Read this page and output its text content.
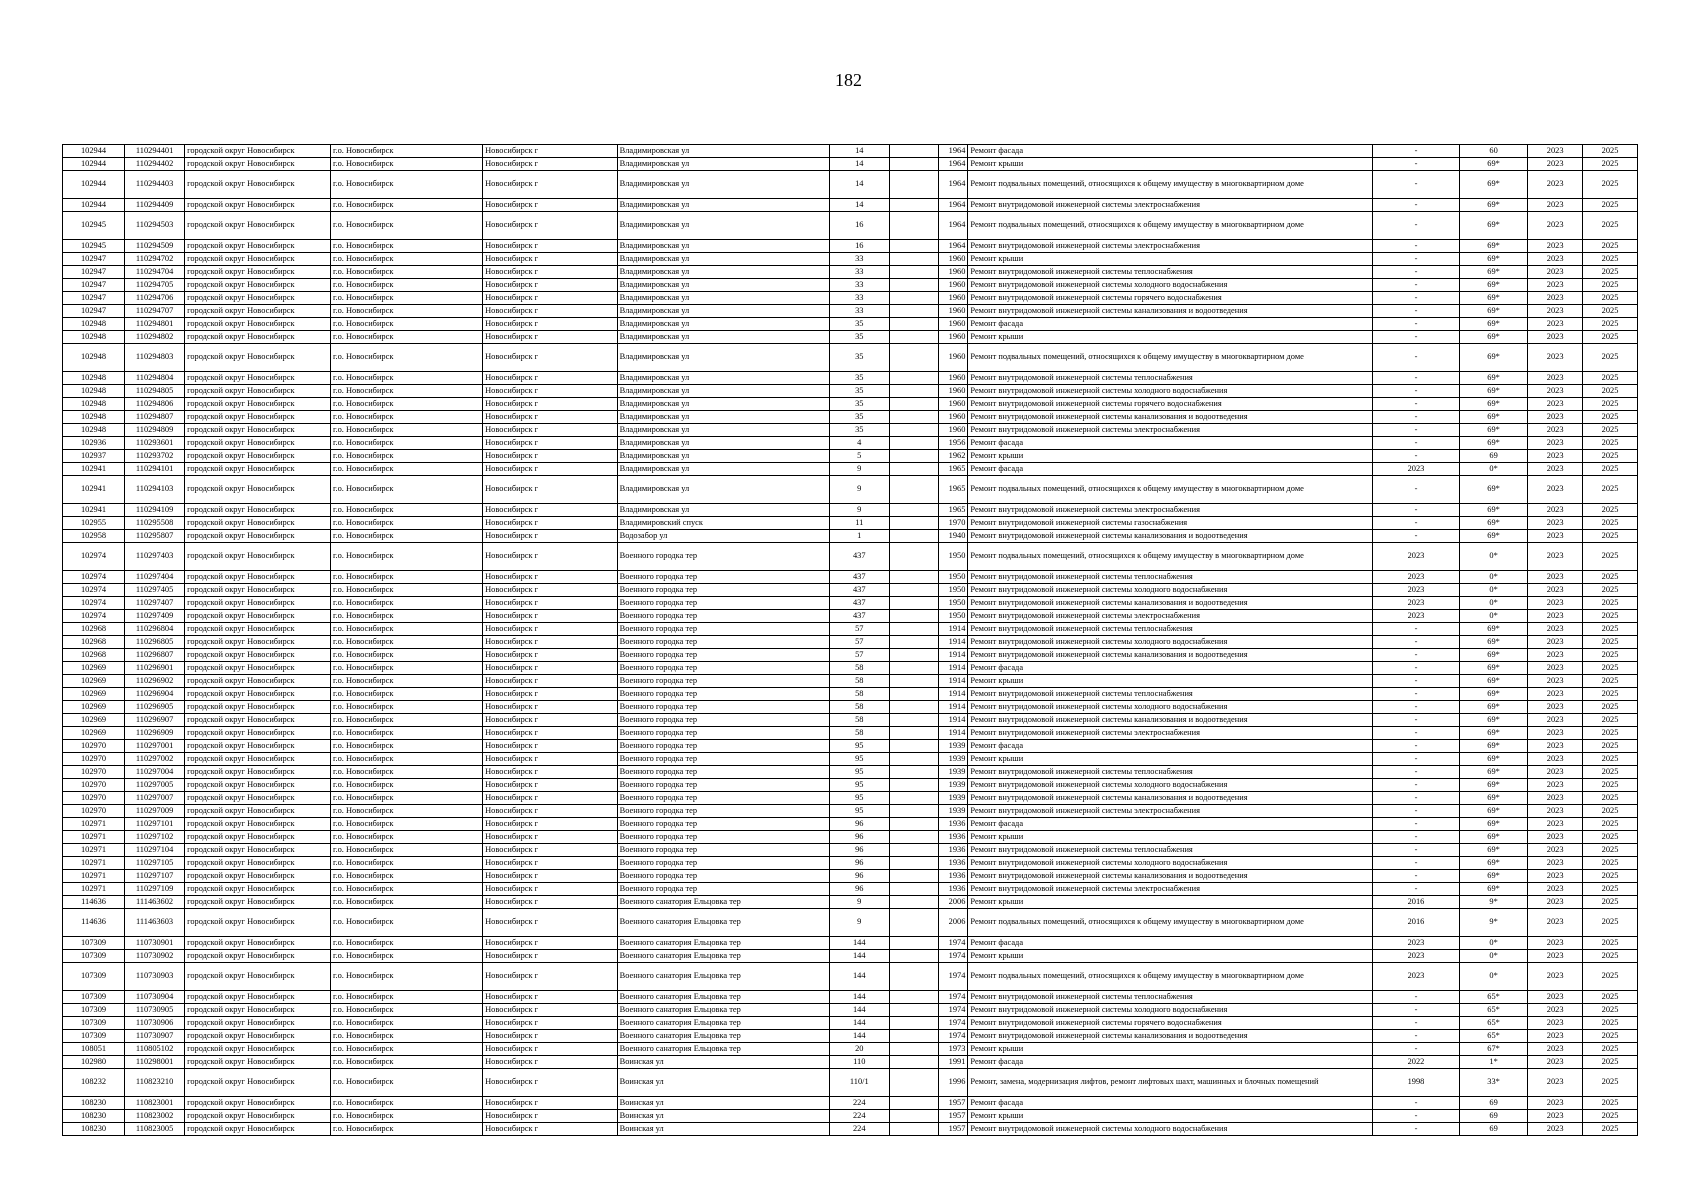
182
102944	110294401	городской округ Новосибирск	г.о. Новосибирск	Новосибирск г	Владимировская ул	14		1964	Ремонт фасада	-	60	2023	2025
102944	110294402	городской округ Новосибирск	г.о. Новосибирск	Новосибирск г	Владимировская ул	14		1964	Ремонт крыши	-	69*	2023	2025
102944	110294403	городской округ Новосибирск	г.о. Новосибирск	Новосибирск г	Владимировская ул	14		1964	Ремонт подвальных помещений, относящихся к общему имуществу в многоквартирном доме	-	69*	2023	2025
102944	110294409	городской округ Новосибирск	г.о. Новосибирск	Новосибирск г	Владимировская ул	14		1964	Ремонт внутридомовой инженерной системы электроснабжения	-	69*	2023	2025
102945	110294503	городской округ Новосибирск	г.о. Новосибирск	Новосибирск г	Владимировская ул	16		1964	Ремонт подвальных помещений, относящихся к общему имуществу в многоквартирном доме	-	69*	2023	2025
102945	110294509	городской округ Новосибирск	г.о. Новосибирск	Новосибирск г	Владимировская ул	16		1964	Ремонт внутридомовой инженерной системы электроснабжения	-	69*	2023	2025
102947	110294702	городской округ Новосибирск	г.о. Новосибирск	Новосибирск г	Владимировская ул	33		1960	Ремонт крыши	-	69*	2023	2025
102947	110294704	городской округ Новосибирск	г.о. Новосибирск	Новосибирск г	Владимировская ул	33		1960	Ремонт внутридомовой инженерной системы теплоснабжения	-	69*	2023	2025
102947	110294705	городской округ Новосибирск	г.о. Новосибирск	Новосибирск г	Владимировская ул	33		1960	Ремонт внутридомовой инженерной системы холодного водоснабжения	-	69*	2023	2025
102947	110294706	городской округ Новосибирск	г.о. Новосибирск	Новосибирск г	Владимировская ул	33		1960	Ремонт внутридомовой инженерной системы горячего водоснабжения	-	69*	2023	2025
102947	110294707	городской округ Новосибирск	г.о. Новосибирск	Новосибирск г	Владимировская ул	33		1960	Ремонт внутридомовой инженерной системы канализования и водоотведения	-	69*	2023	2025
102948	110294801	городской округ Новосибирск	г.о. Новосибирск	Новосибирск г	Владимировская ул	35		1960	Ремонт фасада	-	69*	2023	2025
102948	110294802	городской округ Новосибирск	г.о. Новосибирск	Новосибирск г	Владимировская ул	35		1960	Ремонт крыши	-	69*	2023	2025
102948	110294803	городской округ Новосибирск	г.о. Новосибирск	Новосибирск г	Владимировская ул	35		1960	Ремонт подвальных помещений, относящихся к общему имуществу в многоквартирном доме	-	69*	2023	2025
102948	110294804	городской округ Новосибирск	г.о. Новосибирск	Новосибирск г	Владимировская ул	35		1960	Ремонт внутридомовой инженерной системы теплоснабжения	-	69*	2023	2025
102948	110294805	городской округ Новосибирск	г.о. Новосибирск	Новосибирск г	Владимировская ул	35		1960	Ремонт внутридомовой инженерной системы холодного водоснабжения	-	69*	2023	2025
102948	110294806	городской округ Новосибирск	г.о. Новосибирск	Новосибирск г	Владимировская ул	35		1960	Ремонт внутридомовой инженерной системы горячего водоснабжения	-	69*	2023	2025
102948	110294807	городской округ Новосибирск	г.о. Новосибирск	Новосибирск г	Владимировская ул	35		1960	Ремонт внутридомовой инженерной системы канализования и водоотведения	-	69*	2023	2025
102948	110294809	городской округ Новосибирск	г.о. Новосибирск	Новосибирск г	Владимировская ул	35		1960	Ремонт внутридомовой инженерной системы электроснабжения	-	69*	2023	2025
102936	110293601	городской округ Новосибирск	г.о. Новосибирск	Новосибирск г	Владимировская ул	4		1956	Ремонт фасада	-	69*	2023	2025
102937	110293702	городской округ Новосибирск	г.о. Новосибирск	Новосибирск г	Владимировская ул	5		1962	Ремонт крыши	-	69	2023	2025
102941	110294101	городской округ Новосибирск	г.о. Новосибирск	Новосибирск г	Владимировская ул	9		1965	Ремонт фасада	2023	0*	2023	2025
102941	110294103	городской округ Новосибирск	г.о. Новосибирск	Новосибирск г	Владимировская ул	9		1965	Ремонт подвальных помещений, относящихся к общему имуществу в многоквартирном доме	-	69*	2023	2025
102941	110294109	городской округ Новосибирск	г.о. Новосибирск	Новосибирск г	Владимировская ул	9		1965	Ремонт внутридомовой инженерной системы электроснабжения	-	69*	2023	2025
102955	110295508	городской округ Новосибирск	г.о. Новосибирск	Новосибирск г	Владимировский спуск	11		1970	Ремонт внутридомовой инженерной системы газоснабжения	-	69*	2023	2025
102958	110295807	городской округ Новосибирск	г.о. Новосибирск	Новосибирск г	Водозабор ул	1		1940	Ремонт внутридомовой инженерной системы канализования и водоотведения	-	69*	2023	2025
102974	110297403	городской округ Новосибирск	г.о. Новосибирск	Новосибирск г	Военного городка тер	437		1950	Ремонт подвальных помещений, относящихся к общему имуществу в многоквартирном доме	2023	0*	2023	2025
102974	110297404	городской округ Новосибирск	г.о. Новосибирск	Новосибирск г	Военного городка тер	437		1950	Ремонт внутридомовой инженерной системы теплоснабжения	2023	0*	2023	2025
102974	110297405	городской округ Новосибирск	г.о. Новосибирск	Новосибирск г	Военного городка тер	437		1950	Ремонт внутридомовой инженерной системы холодного водоснабжения	2023	0*	2023	2025
102974	110297407	городской округ Новосибирск	г.о. Новосибирск	Новосибирск г	Военного городка тер	437		1950	Ремонт внутридомовой инженерной системы канализования и водоотведения	2023	0*	2023	2025
102974	110297409	городской округ Новосибирск	г.о. Новосибирск	Новосибирск г	Военного городка тер	437		1950	Ремонт внутридомовой инженерной системы электроснабжения	2023	0*	2023	2025
102968	110296804	городской округ Новосибирск	г.о. Новосибирск	Новосибирск г	Военного городка тер	57		1914	Ремонт внутридомовой инженерной системы теплоснабжения	-	69*	2023	2025
102968	110296805	городской округ Новосибирск	г.о. Новосибирск	Новосибирск г	Военного городка тер	57		1914	Ремонт внутридомовой инженерной системы холодного водоснабжения	-	69*	2023	2025
102968	110296807	городской округ Новосибирск	г.о. Новосибирск	Новосибирск г	Военного городка тер	57		1914	Ремонт внутридомовой инженерной системы канализования и водоотведения	-	69*	2023	2025
102969	110296901	городской округ Новосибирск	г.о. Новосибирск	Новосибирск г	Военного городка тер	58		1914	Ремонт фасада	-	69*	2023	2025
102969	110296902	городской округ Новосибирск	г.о. Новосибирск	Новосибирск г	Военного городка тер	58		1914	Ремонт крыши	-	69*	2023	2025
102969	110296904	городской округ Новосибирск	г.о. Новосибирск	Новосибирск г	Военного городка тер	58		1914	Ремонт внутридомовой инженерной системы теплоснабжения	-	69*	2023	2025
102969	110296905	городской округ Новосибирск	г.о. Новосибирск	Новосибирск г	Военного городка тер	58		1914	Ремонт внутридомовой инженерной системы холодного водоснабжения	-	69*	2023	2025
102969	110296907	городской округ Новосибирск	г.о. Новосибирск	Новосибирск г	Военного городка тер	58		1914	Ремонт внутридомовой инженерной системы канализования и водоотведения	-	69*	2023	2025
102969	110296909	городской округ Новосибирск	г.о. Новосибирск	Новосибирск г	Военного городка тер	58		1914	Ремонт внутридомовой инженерной системы электроснабжения	-	69*	2023	2025
102970	110297001	городской округ Новосибирск	г.о. Новосибирск	Новосибирск г	Военного городка тер	95		1939	Ремонт фасада	-	69*	2023	2025
102970	110297002	городской округ Новосибирск	г.о. Новосибирск	Новосибирск г	Военного городка тер	95		1939	Ремонт крыши	-	69*	2023	2025
102970	110297004	городской округ Новосибирск	г.о. Новосибирск	Новосибирск г	Военного городка тер	95		1939	Ремонт внутридомовой инженерной системы теплоснабжения	-	69*	2023	2025
102970	110297005	городской округ Новосибирск	г.о. Новосибирск	Новосибирск г	Военного городка тер	95		1939	Ремонт внутридомовой инженерной системы холодного водоснабжения	-	69*	2023	2025
102970	110297007	городской округ Новосибирск	г.о. Новосибирск	Новосибирск г	Военного городка тер	95		1939	Ремонт внутридомовой инженерной системы канализования и водоотведения	-	69*	2023	2025
102970	110297009	городской округ Новосибирск	г.о. Новосибирск	Новосибирск г	Военного городка тер	95		1939	Ремонт внутридомовой инженерной системы электроснабжения	-	69*	2023	2025
102971	110297101	городской округ Новосибирск	г.о. Новосибирск	Новосибирск г	Военного городка тер	96		1936	Ремонт фасада	-	69*	2023	2025
102971	110297102	городской округ Новосибирск	г.о. Новосибирск	Новосибирск г	Военного городка тер	96		1936	Ремонт крыши	-	69*	2023	2025
102971	110297104	городской округ Новосибирск	г.о. Новосибирск	Новосибирск г	Военного городка тер	96		1936	Ремонт внутридомовой инженерной системы теплоснабжения	-	69*	2023	2025
102971	110297105	городской округ Новосибирск	г.о. Новосибирск	Новосибирск г	Военного городка тер	96		1936	Ремонт внутридомовой инженерной системы холодного водоснабжения	-	69*	2023	2025
102971	110297107	городской округ Новосибирск	г.о. Новосибирск	Новосибирск г	Военного городка тер	96		1936	Ремонт внутридомовой инженерной системы канализования и водоотведения	-	69*	2023	2025
102971	110297109	городской округ Новосибирск	г.о. Новосибирск	Новосибирск г	Военного городка тер	96		1936	Ремонт внутридомовой инженерной системы электроснабжения	-	69*	2023	2025
114636	111463602	городской округ Новосибирск	г.о. Новосибирск	Новосибирск г	Военного санатория Ельцовка тер	9		2006	Ремонт крыши	2016	9*	2023	2025
114636	111463603	городской округ Новосибирск	г.о. Новосибирск	Новосибирск г	Военного санатория Ельцовка тер	9		2006	Ремонт подвальных помещений, относящихся к общему имуществу в многоквартирном доме	2016	9*	2023	2025
107309	110730901	городской округ Новосибирск	г.о. Новосибирск	Новосибирск г	Военного санатория Ельцовка тер	144		1974	Ремонт фасада	2023	0*	2023	2025
107309	110730902	городской округ Новосибирск	г.о. Новосибирск	Новосибирск г	Военного санатория Ельцовка тер	144		1974	Ремонт крыши	2023	0*	2023	2025
107309	110730903	городской округ Новосибирск	г.о. Новосибирск	Новосибирск г	Военного санатория Ельцовка тер	144		1974	Ремонт подвальных помещений, относящихся к общему имуществу в многоквартирном доме	2023	0*	2023	2025
107309	110730904	городской округ Новосибирск	г.о. Новосибирск	Новосибирск г	Военного санатория Ельцовка тер	144		1974	Ремонт внутридомовой инженерной системы теплоснабжения	-	65*	2023	2025
107309	110730905	городской округ Новосибирск	г.о. Новосибирск	Новосибирск г	Военного санатория Ельцовка тер	144		1974	Ремонт внутридомовой инженерной системы холодного водоснабжения	-	65*	2023	2025
107309	110730906	городской округ Новосибирск	г.о. Новосибирск	Новосибирск г	Военного санатория Ельцовка тер	144		1974	Ремонт внутридомовой инженерной системы горячего водоснабжения	-	65*	2023	2025
107309	110730907	городской округ Новосибирск	г.о. Новосибирск	Новосибирск г	Военного санатория Ельцовка тер	144		1974	Ремонт внутридомовой инженерной системы канализования и водоотведения	-	65*	2023	2025
108051	110805102	городской округ Новосибирск	г.о. Новосибирск	Новосибирск г	Военного санатория Ельцовка тер	20		1973	Ремонт крыши	-	67*	2023	2025
102980	110298001	городской округ Новосибирск	г.о. Новосибирск	Новосибирск г	Воинская ул	110		1991	Ремонт фасада	2022	1*	2023	2025
108232	110823210	городской округ Новосибирск	г.о. Новосибирск	Новосибирск г	Воинская ул	110/1		1996	Ремонт, замена, модернизация лифтов, ремонт лифтовых шахт, машинных и блочных помещений	1998	33*	2023	2025
108230	110823001	городской округ Новосибирск	г.о. Новосибирск	Новосибирск г	Воинская ул	224		1957	Ремонт фасада	-	69	2023	2025
108230	110823002	городской округ Новосибирск	г.о. Новосибирск	Новосибирск г	Воинская ул	224		1957	Ремонт крыши	-	69	2023	2025
108230	110823005	городской округ Новосибирск	г.о. Новосибирск	Новосибирск г	Воинская ул	224		1957	Ремонт внутридомовой инженерной системы холодного водоснабжения	-	69	2023	2025
